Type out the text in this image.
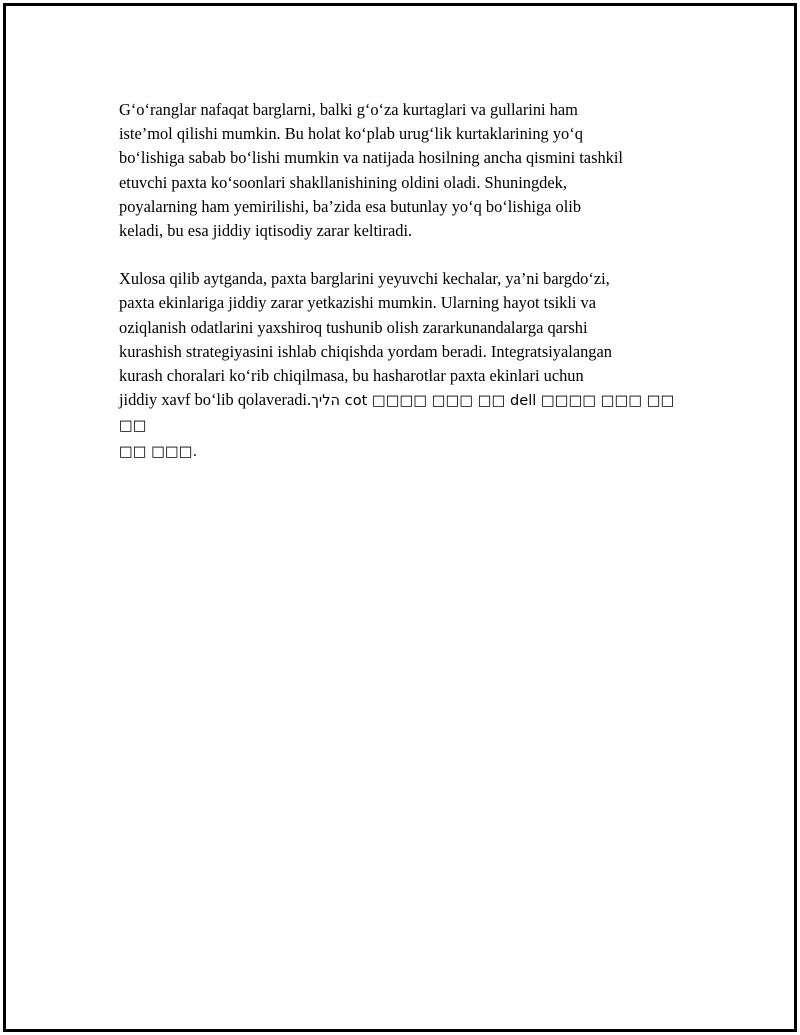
G‘o‘ranglar nafaqat barglarni, balki g‘o‘za kurtaglari va gullarini ham
iste’mol qilishi mumkin. Bu holat ko‘plab urug‘lik kurtaklarining yo‘q
bo‘lishiga sabab bo‘lishi mumkin va natijada hosilning ancha qismini tashkil
etuvchi paxta ko‘soonlari shakllanishining oldini oladi. Shuningdek,
poyalarning ham yemirilishi, ba’zida esa butunlay yo‘q bo‘lishiga olib
keladi, bu esa jiddiy iqtisodiy zarar keltiradi.

Xulosa qilib aytganda, paxta barglarini yeyuvchi kechalar, ya’ni bargdo‘zi,
paxta ekinlariga jiddiy zarar yetkazishi mumkin. Ularning hayot tsikli va
oziqlanish odatlarini yaxshiroq tushunib olish zararkunandalarga qarshi
kurashish strategiyasini ishlab chiqishda yordam beradi. Integratsiyalangan
kurash choralari ko‘rib chiqilmasa, bu hasharotlar paxta ekinlari uchun
jiddiy xavf bo‘lib qolaveradi.הליך cot □□□□ □□□ □□ dell □□□□ □□□ □□ □□
□□ □□□.
